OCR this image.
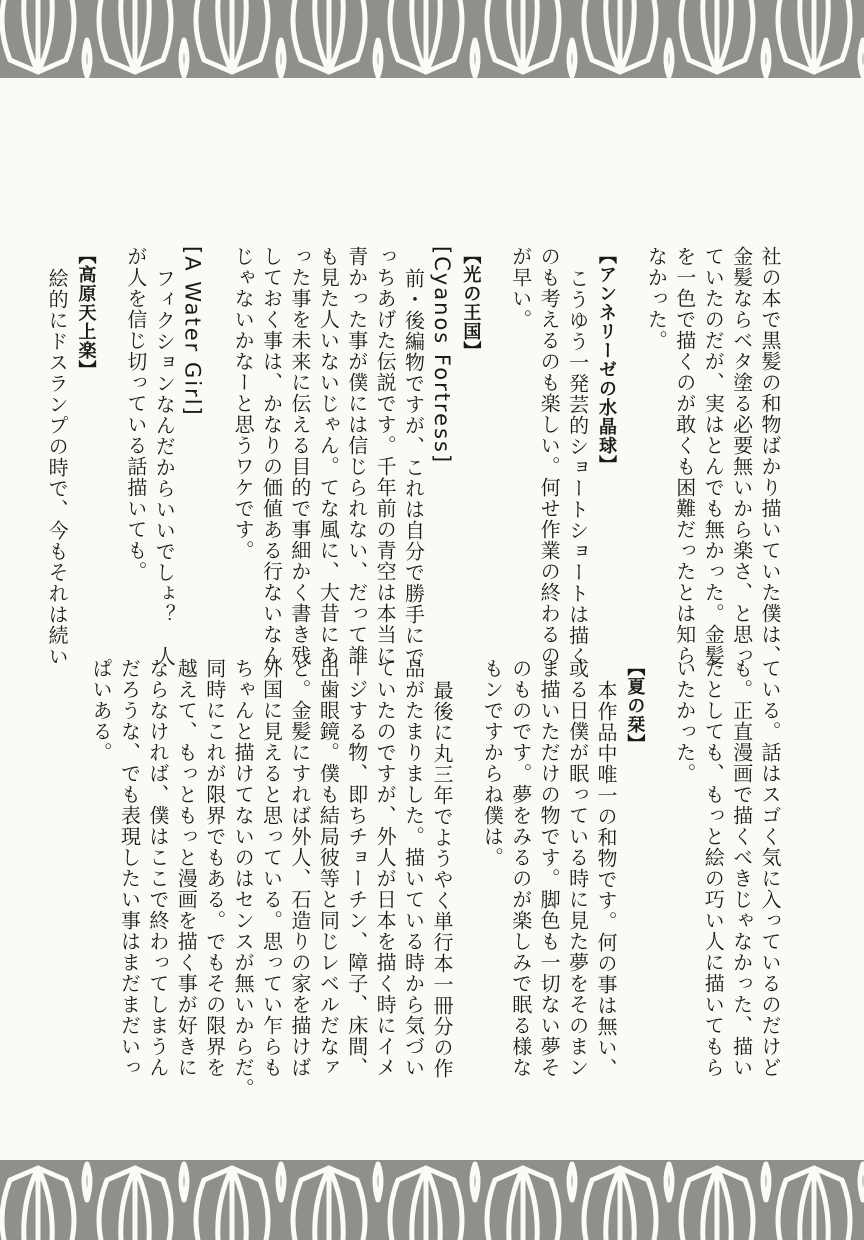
社の本で黒髪の和物ばかり描いていた僕は、
金髪ならベタ塗る必要無いから楽さ、と思っ
ていたのだが、実はとんでも無かった。金髪
を一色で描くのが敢くも困難だったとは知ら
なかった。
【アンネリーゼの水晶球】
こうゆう一発芸的ショートショートは描く
のも考えるのも楽しい。何せ作業の終わるの
が早い。
【光の王国】
[Cyanos Fortress]
前・後編物ですが、これは自分で勝手にで
っちあげた伝説です。千年前の青空は本当に
青かった事が僕には信じられない、だって誰
も見た人いないじゃん。てな風に、大昔にあ
った事を未来に伝える目的で事細かく書き残
しておく事は、かなりの価値ある行ないなん
じゃないかなーと思うワケです。
[A Water Girl]
フィクションなんだからいいでしょ？　人
が人を信じ切っている話描いても。
【高原天上楽】
絵的にドスランプの時で、今もそれは続い
ている。話はスゴく気に入っているのだけど
も。正直漫画で描くべきじゃなかった、描い
たとしても、もっと絵の巧い人に描いてもら
いたかった。
【夏の栞】
本作品中唯一の和物です。何の事は無い、
或る日僕が眠っている時に見た夢をそのまン
ま描いただけの物です。脚色も一切ない夢そ
のものです。夢をみるのが楽しみで眠る様な
もンですからね僕は。
最後に丸三年でようやく単行本一冊分の作
品がたまりました。描いている時から気づい
ていたのですが、外人が日本を描く時にイメ
ージする物、即ちチョーチン、障子、床間、
出歯眼鏡。僕も結局彼等と同じレベルだなァ
と。金髪にすれば外人、石造りの家を描けば
外国に見えると思っている。思ってい乍らも
ちゃんと描けてないのはセンスが無いからだ。
同時にこれが限界でもある。でもその限界を
越えて、もっともっと漫画を描く事が好きに
ならなければ、僕はここで終わってしまうん
だろうな、でも表現したい事はまだまだいっ
ぱいある。
